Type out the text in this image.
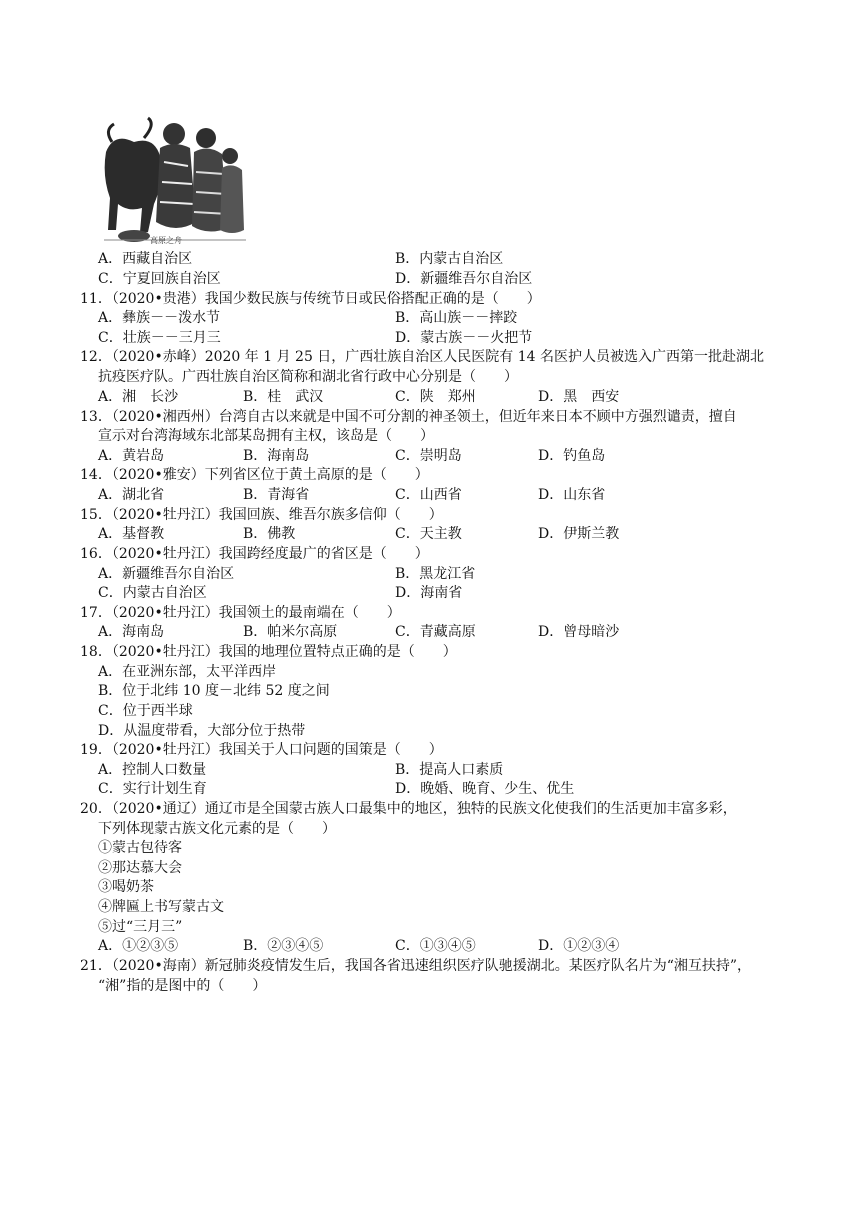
高原之舟
A．西藏自治区	B．内蒙古自治区
C．宁夏回族自治区	D．新疆维吾尔自治区
11．（2020•贵港）我国少数民族与传统节日或民俗搭配正确的是（　　）
A．彝族－－泼水节	B．高山族－－摔跤
C．壮族－－三月三	D．蒙古族－－火把节
12．（2020•赤峰）2020 年 1 月 25 日，广西壮族自治区人民医院有 14 名医护人员被选入广西第一批赴湖北
抗疫医疗队。广西壮族自治区简称和湖北省行政中心分别是（　　）
A．湘　长沙	B．桂　武汉	C．陕　郑州	D．黑　西安
13．（2020•湘西州）台湾自古以来就是中国不可分割的神圣领土，但近年来日本不顾中方强烈谴责，擅自
宣示对台湾海域东北部某岛拥有主权，该岛是（　　）
A．黄岩岛	B．海南岛	C．崇明岛	D．钓鱼岛
14．（2020•雅安）下列省区位于黄土高原的是（　　）
A．湖北省	B．青海省	C．山西省	D．山东省
15．（2020•牡丹江）我国回族、维吾尔族多信仰（　　）
A．基督教	B．佛教	C．天主教	D．伊斯兰教
16．（2020•牡丹江）我国跨经度最广的省区是（　　）
A．新疆维吾尔自治区	B．黑龙江省
C．内蒙古自治区	D．海南省
17．（2020•牡丹江）我国领土的最南端在（　　）
A．海南岛	B．帕米尔高原	C．青藏高原	D．曾母暗沙
18．（2020•牡丹江）我国的地理位置特点正确的是（　　）
A．在亚洲东部，太平洋西岸
B．位于北纬 10 度－北纬 52 度之间
C．位于西半球
D．从温度带看，大部分位于热带
19．（2020•牡丹江）我国关于人口问题的国策是（　　）
A．控制人口数量	B．提高人口素质
C．实行计划生育	D．晚婚、晚育、少生、优生
20．（2020•通辽）通辽市是全国蒙古族人口最集中的地区，独特的民族文化使我们的生活更加丰富多彩，
下列体现蒙古族文化元素的是（　　）
①蒙古包待客
②那达慕大会
③喝奶茶
④牌匾上书写蒙古文
⑤过“三月三”
A．①②③⑤	B．②③④⑤	C．①③④⑤	D．①②③④
21．（2020•海南）新冠肺炎疫情发生后，我国各省迅速组织医疗队驰援湖北。某医疗队名片为“湘互扶持”，
“湘”指的是图中的（　　）
